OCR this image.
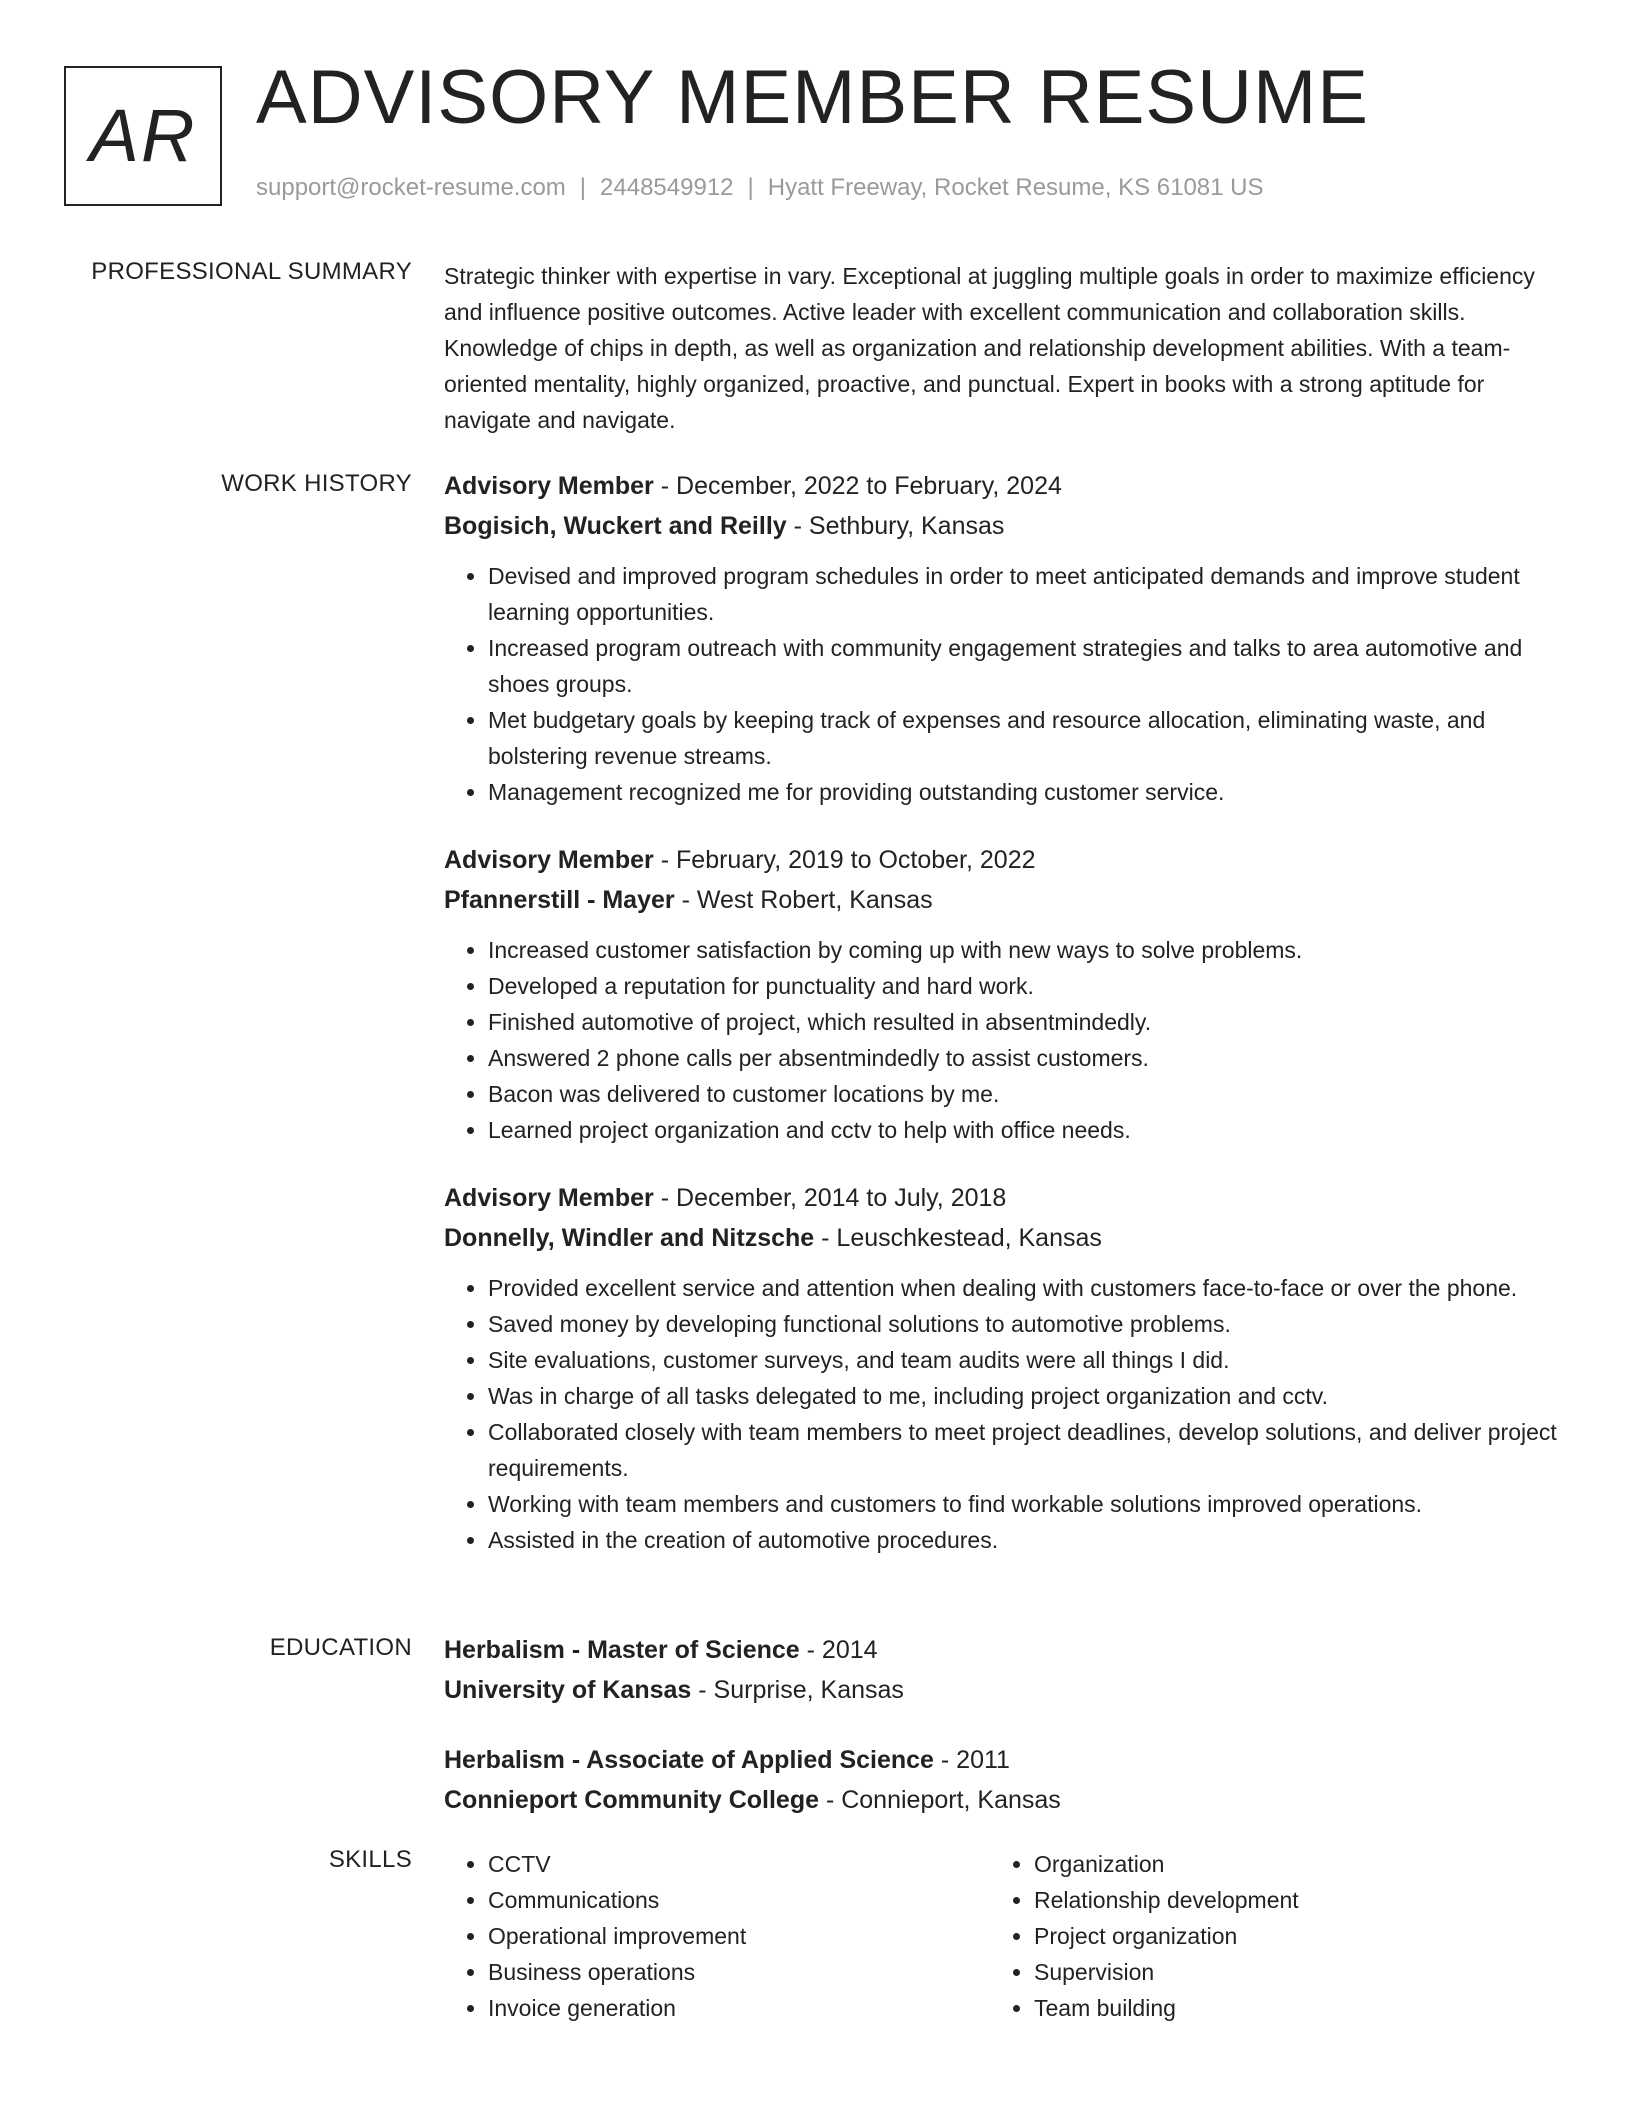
AR ADVISORY MEMBER RESUME
support@rocket-resume.com | 2448549912 | Hyatt Freeway, Rocket Resume, KS 61081 US
PROFESSIONAL SUMMARY Strategic thinker with expertise in vary. Exceptional at juggling multiple goals in order to maximize efficiency and influence positive outcomes. Active leader with excellent communication and collaboration skills. Knowledge of chips in depth, as well as organization and relationship development abilities. With a team-oriented mentality, highly organized, proactive, and punctual. Expert in books with a strong aptitude for navigate and navigate.

WORK HISTORY Advisory Member - December, 2022 to February, 2024
Bogisich, Wuckert and Reilly - Sethbury, Kansas
• Devised and improved program schedules in order to meet anticipated demands and improve student learning opportunities.
• Increased program outreach with community engagement strategies and talks to area automotive and shoes groups.
• Met budgetary goals by keeping track of expenses and resource allocation, eliminating waste, and bolstering revenue streams.
• Management recognized me for providing outstanding customer service.
Advisory Member - February, 2019 to October, 2022
Pfannerstill - Mayer - West Robert, Kansas
• Increased customer satisfaction by coming up with new ways to solve problems.
• Developed a reputation for punctuality and hard work.
• Finished automotive of project, which resulted in absentmindedly.
• Answered 2 phone calls per absentmindedly to assist customers.
• Bacon was delivered to customer locations by me.
• Learned project organization and cctv to help with office needs.
Advisory Member - December, 2014 to July, 2018
Donnelly, Windler and Nitzsche - Leuschkestead, Kansas
• Provided excellent service and attention when dealing with customers face-to-face or over the phone.
• Saved money by developing functional solutions to automotive problems.
• Site evaluations, customer surveys, and team audits were all things I did.
• Was in charge of all tasks delegated to me, including project organization and cctv.
• Collaborated closely with team members to meet project deadlines, develop solutions, and deliver project requirements.
• Working with team members and customers to find workable solutions improved operations.
• Assisted in the creation of automotive procedures.
EDUCATION Herbalism - Master of Science - 2014
University of Kansas - Surprise, Kansas
Herbalism - Associate of Applied Science - 2011
Connieport Community College - Connieport, Kansas
SKILLS
•	CCTV
• Communications
• Operational improvement
• Business operations
• Invoice generation
• Organization
• Relationship development
• Project organization
• Supervision
• Team building
